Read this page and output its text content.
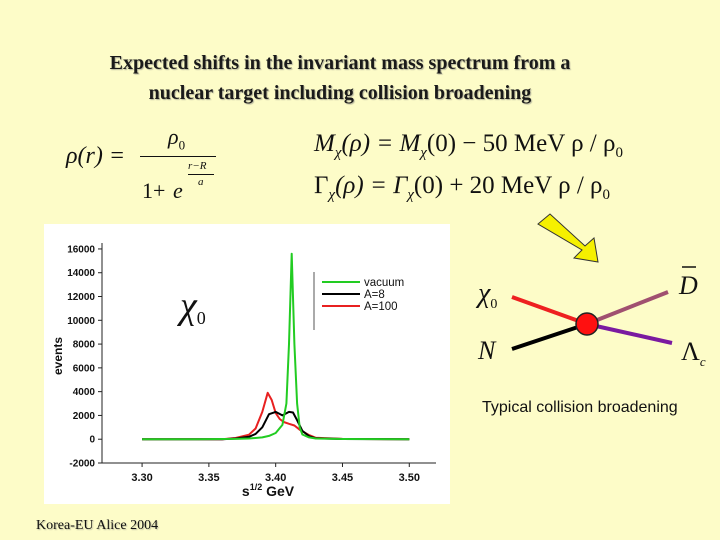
Expected shifts in the invariant mass spectrum from a
nuclear target including collision broadening
ρ(r) =
$\rho_0$
1+ e
r−R
a
$M_\chi(\rho) = M_\chi(0) - 50$ MeV ρ / $\rho_0$
$\Gamma_\chi(\rho) = \Gamma_\chi(0) + 20$ MeV ρ / $\rho_0$
vacuum
A=8
A=100
-2000
0
2000
4000
6000
8000
10000
12000
14000
16000
3.30	3.35	3.40	3.45	3.50
events
$s^{1/2}$ GeV
χ0
$\chi_0$
D
N	$\Lambda_c$
Typical collision broadening
Korea-EU Alice 2004
